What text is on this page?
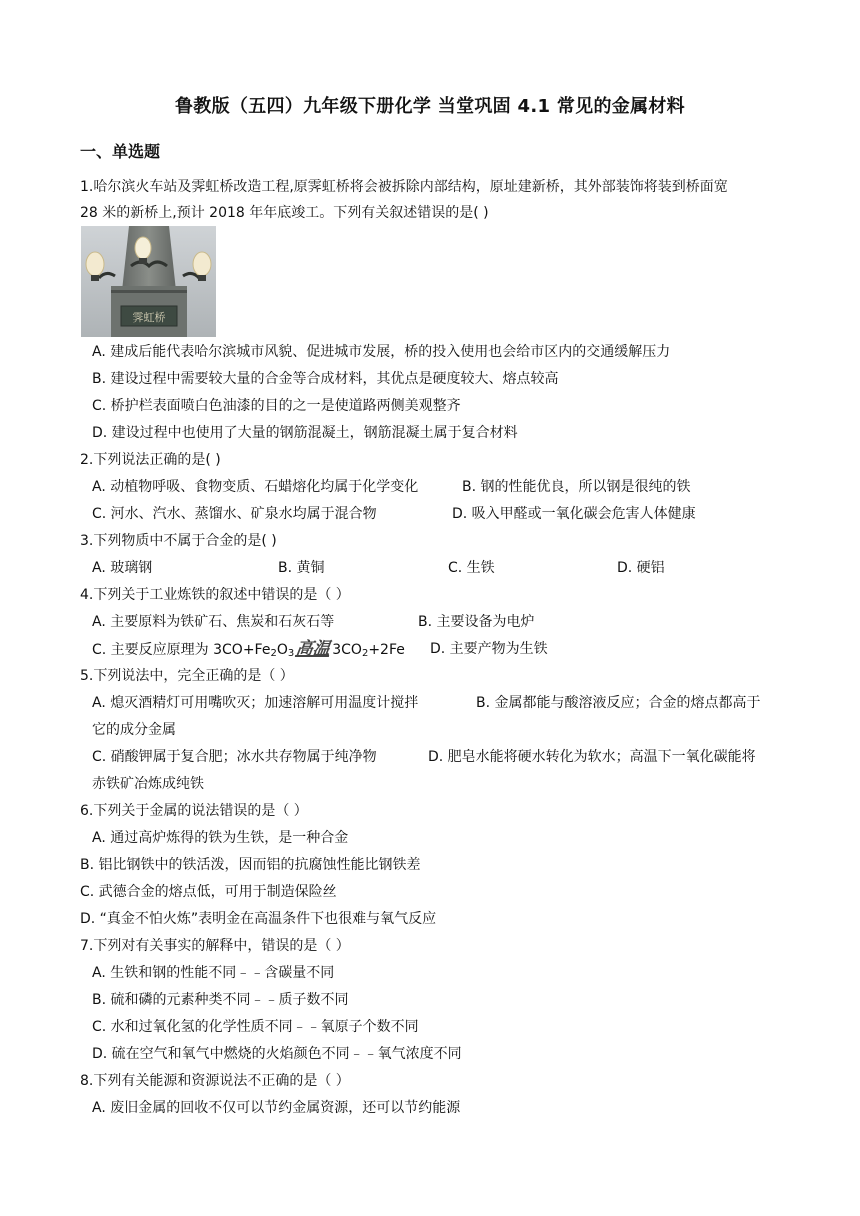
鲁教版（五四）九年级下册化学 当堂巩固 4.1 常见的金属材料
一、单选题
1.哈尔滨火车站及霁虹桥改造工程,原霁虹桥将会被拆除内部结构，原址建新桥，其外部装饰将装到桥面宽
28 米的新桥上,预计 2018 年年底竣工。下列有关叙述错误的是( )
霁虹桥
A. 建成后能代表哈尔滨城市风貌、促进城市发展，桥的投入使用也会给市区内的交通缓解压力
B. 建设过程中需要较大量的合金等合成材料，其优点是硬度较大、熔点较高
C. 桥护栏表面喷白色油漆的目的之一是使道路两侧美观整齐
D. 建设过程中也使用了大量的钢筋混凝土，钢筋混凝土属于复合材料
2.下列说法正确的是( )
A. 动植物呼吸、食物变质、石蜡熔化均属于化学变化	B. 钢的性能优良，所以钢是很纯的铁
C. 河水、汽水、蒸馏水、矿泉水均属于混合物	D. 吸入甲醛或一氧化碳会危害人体健康
3.下列物质中不属于合金的是( )
A. 玻璃钢	B. 黄铜	C. 生铁	D. 硬铝
4.下列关于工业炼铁的叙述中错误的是（ ）
A. 主要原料为铁矿石、焦炭和石灰石等	B. 主要设备为电炉
C. 主要反应原理为 3CO+Fe2O3高温3CO2+2Fe D. 主要产物为生铁
5.下列说法中，完全正确的是（ ）
A. 熄灭酒精灯可用嘴吹灭；加速溶解可用温度计搅拌	B. 金属都能与酸溶液反应；合金的熔点都高于
它的成分金属
C. 硝酸钾属于复合肥；冰水共存物属于纯净物	D. 肥皂水能将硬水转化为软水；高温下一氧化碳能将
赤铁矿冶炼成纯铁
6.下列关于金属的说法错误的是（ ）
A. 通过高炉炼得的铁为生铁，是一种合金
B. 铝比钢铁中的铁活泼，因而铝的抗腐蚀性能比钢铁差
C. 武德合金的熔点低，可用于制造保险丝
D. “真金不怕火炼”表明金在高温条件下也很难与氧气反应
7.下列对有关事实的解释中，错误的是（ ）
A. 生铁和钢的性能不同﹣﹣含碳量不同
B. 硫和磷的元素种类不同﹣﹣质子数不同
C. 水和过氧化氢的化学性质不同﹣﹣氧原子个数不同
D. 硫在空气和氧气中燃烧的火焰颜色不同﹣﹣氧气浓度不同
8.下列有关能源和资源说法不正确的是（ ）
A. 废旧金属的回收不仅可以节约金属资源，还可以节约能源
